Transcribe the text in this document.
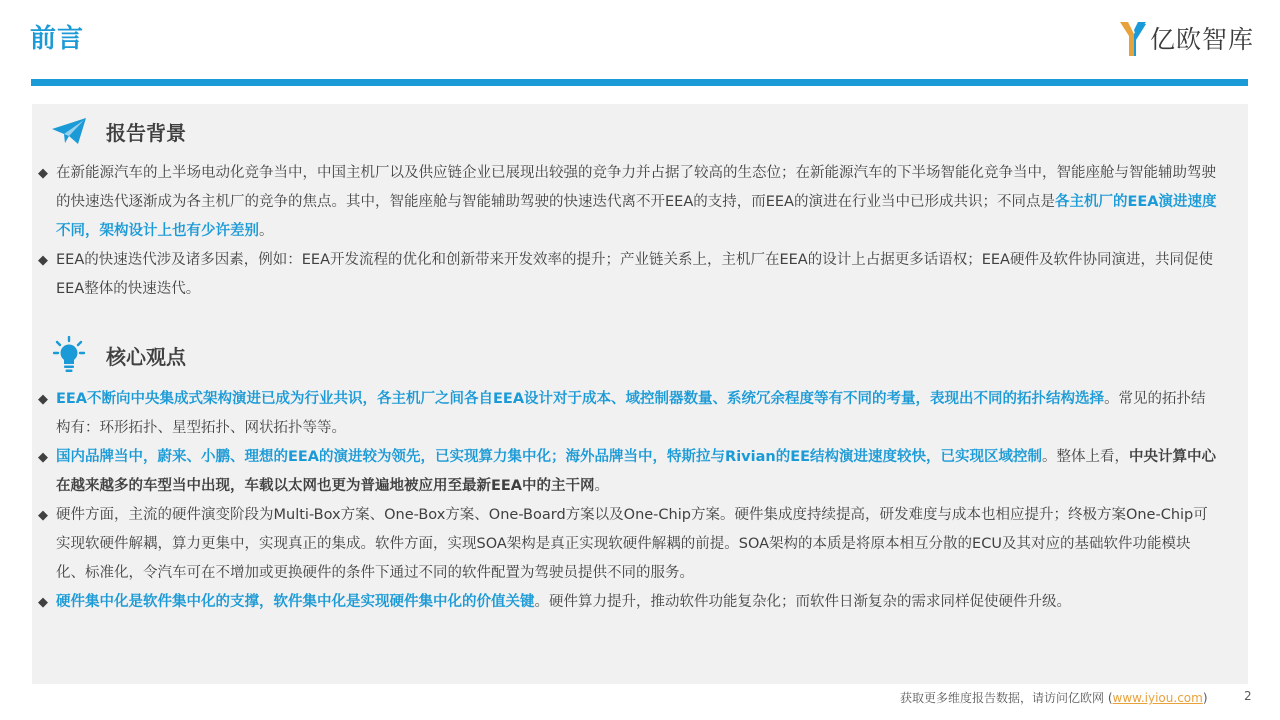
前言	亿欧智库
报告背景

◆ 在新能源汽车的上半场电动化竞争当中，中国主机厂以及供应链企业已展现出较强的竞争力并占据了较高的生态位；在新能源汽车的下半场智能化竞争当中，智能座舱与智能辅助驾驶的快速迭代逐渐成为各主机厂的竞争的焦点。其中，智能座舱与智能辅助驾驶的快速迭代离不开EEA的支持，而EEA的演进在行业当中已形成共识；不同点是各主机厂的EEA演进速度不同，架构设计上也有少许差别。

◆ EEA的快速迭代涉及诸多因素，例如：EEA开发流程的优化和创新带来开发效率的提升；产业链关系上，主机厂在EEA的设计上占据更多话语权；EEA硬件及软件协同演进，共同促使EEA整体的快速迭代。

核心观点

◆ EEA不断向中央集成式架构演进已成为行业共识，各主机厂之间各自EEA设计对于成本、域控制器数量、系统冗余程度等有不同的考量，表现出不同的拓扑结构选择。常见的拓扑结构有：环形拓扑、星型拓扑、网状拓扑等等。

◆ 国内品牌当中，蔚来、小鹏、理想的EEA的演进较为领先，已实现算力集中化；海外品牌当中，特斯拉与Rivian的EE结构演进速度较快，已实现区域控制。整体上看，中央计算中心在越来越多的车型当中出现，车载以太网也更为普遍地被应用至最新EEA中的主干网。

◆ 硬件方面，主流的硬件演变阶段为Multi-Box方案、One-Box方案、One-Board方案以及One-Chip方案。硬件集成度持续提高，研发难度与成本也相应提升；终极方案One-Chip可实现软硬件解耦，算力更集中，实现真正的集成。软件方面，实现SOA架构是真正实现软硬件解耦的前提。SOA架构的本质是将原本相互分散的ECU及其对应的基础软件功能模块化、标准化，令汽车可在不增加或更换硬件的条件下通过不同的软件配置为驾驶员提供不同的服务。

◆ 硬件集中化是软件集中化的支撑，软件集中化是实现硬件集中化的价值关键。硬件算力提升，推动软件功能复杂化；而软件日渐复杂的需求同样促使硬件升级。

获取更多维度报告数据，请访问亿欧网 (www.iyiou.com)	2
